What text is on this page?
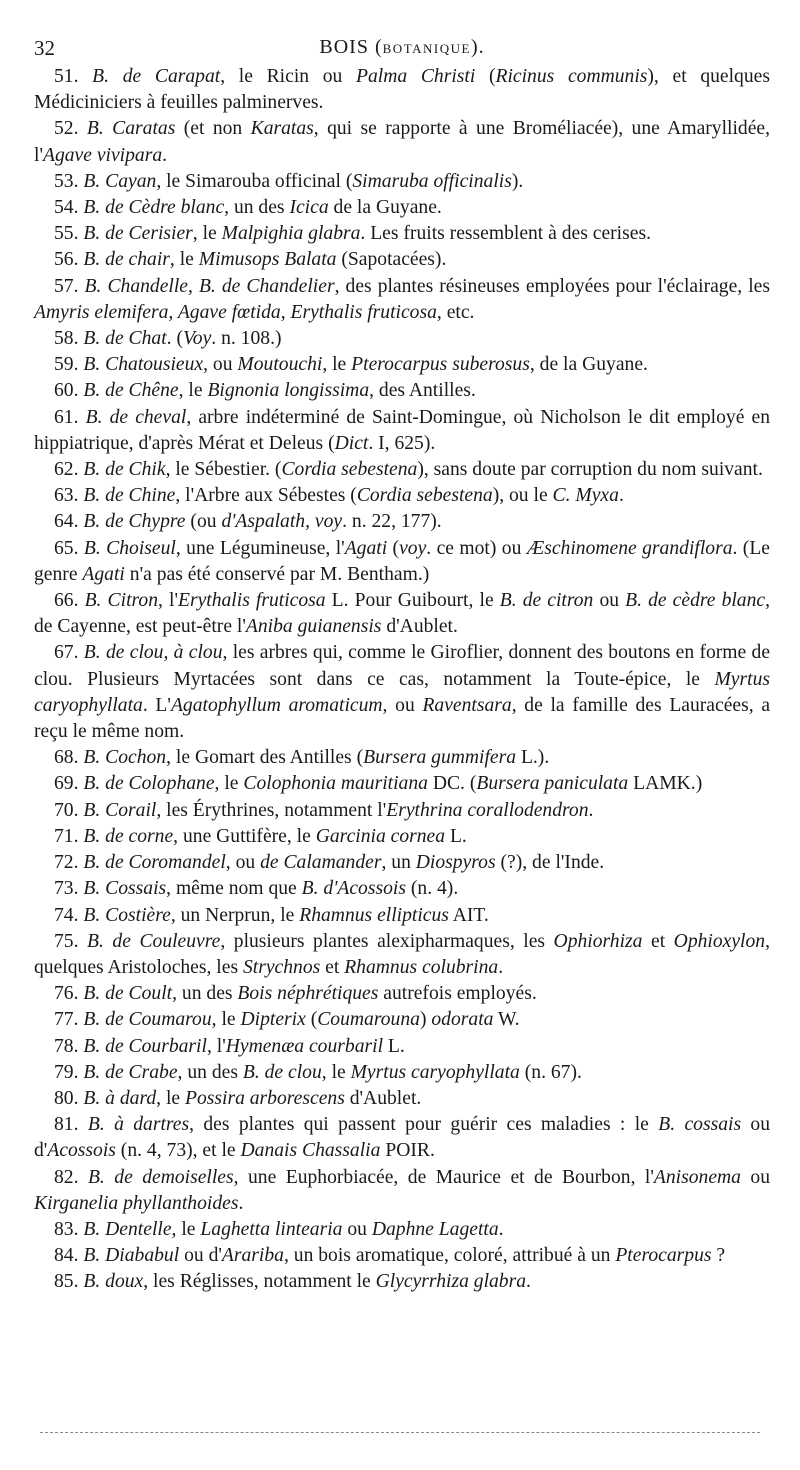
32	BOIS (BOTANIQUE).

51. B. de Carapat, le Ricin ou Palma Christi (Ricinus communis), et quelques Médiciniciers à feuilles palminerves.

52. B. Caratas (et non Karatas, qui se rapporte à une Broméliacée), une Amaryllidée, l'Agave vivipara.

53. B. Cayan, le Simarouba officinal (Simaruba officinalis).

54. B. de Cèdre blanc, un des Icica de la Guyane.

55. B. de Cerisier, le Malpighia glabra. Les fruits ressemblent à des cerises.

56. B. de chair, le Mimusops Balata (Sapotacées).

57. B. Chandelle, B. de Chandelier, des plantes résineuses employées pour l'éclairage, les Amyris elemifera, Agave fœtida, Erythalis fruticosa, etc.

58. B. de Chat. (Voy. n. 108.)

59. B. Chatousieux, ou Moutouchi, le Pterocarpus suberosus, de la Guyane.

60. B. de Chêne, le Bignonia longissima, des Antilles.

61. B. de cheval, arbre indéterminé de Saint-Domingue, où Nicholson le dit employé en hippiatrique, d'après Mérat et Deleus (Dict. I, 625).

62. B. de Chik, le Sébestier. (Cordia sebestena), sans doute par corruption du nom suivant.

63. B. de Chine, l'Arbre aux Sébestes (Cordia sebestena), ou le C. Myxa.

64. B. de Chypre (ou d'Aspalath, voy. n. 22, 177).

65. B. Choiseul, une Légumineuse, l'Agati (voy. ce mot) ou Æschinomene grandiflora. (Le genre Agati n'a pas été conservé par M. Bentham.)

66. B. Citron, l'Erythalis fruticosa L. Pour Guibourt, le B. de citron ou B. de cèdre blanc, de Cayenne, est peut-être l'Aniba guianensis d'Aublet.

67. B. de clou, à clou, les arbres qui, comme le Giroflier, donnent des boutons en forme de clou. Plusieurs Myrtacées sont dans ce cas, notamment la Toute-épice, le Myrtus caryophyllata. L'Agatophyllum aromaticum, ou Raventsara, de la famille des Lauracées, a reçu le même nom.

68. B. Cochon, le Gomart des Antilles (Bursera gummifera L.).

69. B. de Colophane, le Colophonia mauritiana DC. (Bursera paniculata LAMK.)

70. B. Corail, les Érythrines, notamment l'Erythrina corallodendron.

71. B. de corne, une Guttifère, le Garcinia cornea L.

72. B. de Coromandel, ou de Calamander, un Diospyros (?), de l'Inde.

73. B. Cossais, même nom que B. d'Acossois (n. 4).

74. B. Costière, un Nerprun, le Rhamnus ellipticus AIT.

75. B. de Couleuvre, plusieurs plantes alexipharmaques, les Ophiorhiza et Ophioxylon, quelques Aristoloches, les Strychnos et Rhamnus colubrina.

76. B. de Coult, un des Bois néphrétiques autrefois employés.

77. B. de Coumarou, le Dipterix (Coumarouna) odorata W.

78. B. de Courbaril, l'Hymenæa courbaril L.

79. B. de Crabe, un des B. de clou, le Myrtus caryophyllata (n. 67).

80. B. à dard, le Possira arborescens d'Aublet.

81. B. à dartres, des plantes qui passent pour guérir ces maladies : le B. cossais ou d'Acossois (n. 4, 73), et le Danais Chassalia POIR.

82. B. de demoiselles, une Euphorbiacée, de Maurice et de Bourbon, l'Anisonema ou Kirganelia phyllanthoides.

83. B. Dentelle, le Laghetta lintearia ou Daphne Lagetta.

84. B. Diababul ou d'Arariba, un bois aromatique, coloré, attribué à un Pterocarpus ?

85. B. doux, les Réglisses, notamment le Glycyrrhiza glabra.
